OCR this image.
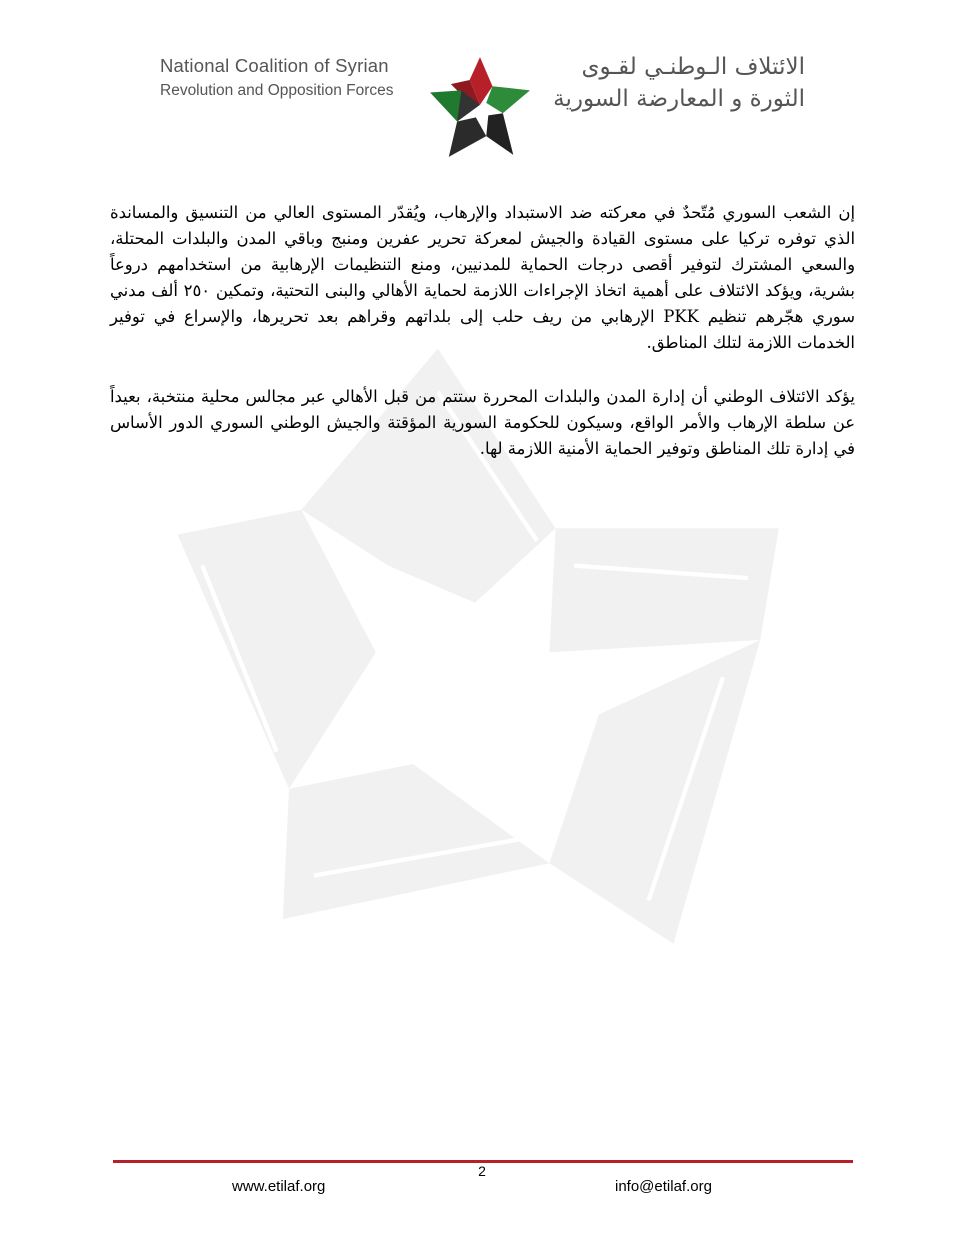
National Coalition of Syrian
Revolution and Opposition Forces
الائتلاف الـوطنـي لقـوى
الثورة و المعارضة السورية

إن الشعب السوري مُتّحدٌ في معركته ضد الاستبداد والإرهاب، ويُقدّر المستوى العالي من التنسيق والمساندة الذي توفره تركيا على مستوى القيادة والجيش لمعركة تحرير عفرين ومنبج وباقي المدن والبلدات المحتلة، والسعي المشترك لتوفير أقصى درجات الحماية للمدنيين، ومنع التنظيمات الإرهابية من استخدامهم دروعاً بشرية، ويؤكد الائتلاف على أهمية اتخاذ الإجراءات اللازمة لحماية الأهالي والبنى التحتية، وتمكين ٢٥٠ ألف مدني سوري هجّرهم تنظيم PKK الإرهابي من ريف حلب إلى بلداتهم وقراهم بعد تحريرها، والإسراع في توفير الخدمات اللازمة لتلك المناطق.

يؤكد الائتلاف الوطني أن إدارة المدن والبلدات المحررة ستتم من قبل الأهالي عبر مجالس محلية منتخبة، بعيداً عن سلطة الإرهاب والأمر الواقع، وسيكون للحكومة السورية المؤقتة والجيش الوطني السوري الدور الأساس في إدارة تلك المناطق وتوفير الحماية الأمنية اللازمة لها.

2
www.etilaf.org	info@etilaf.org
